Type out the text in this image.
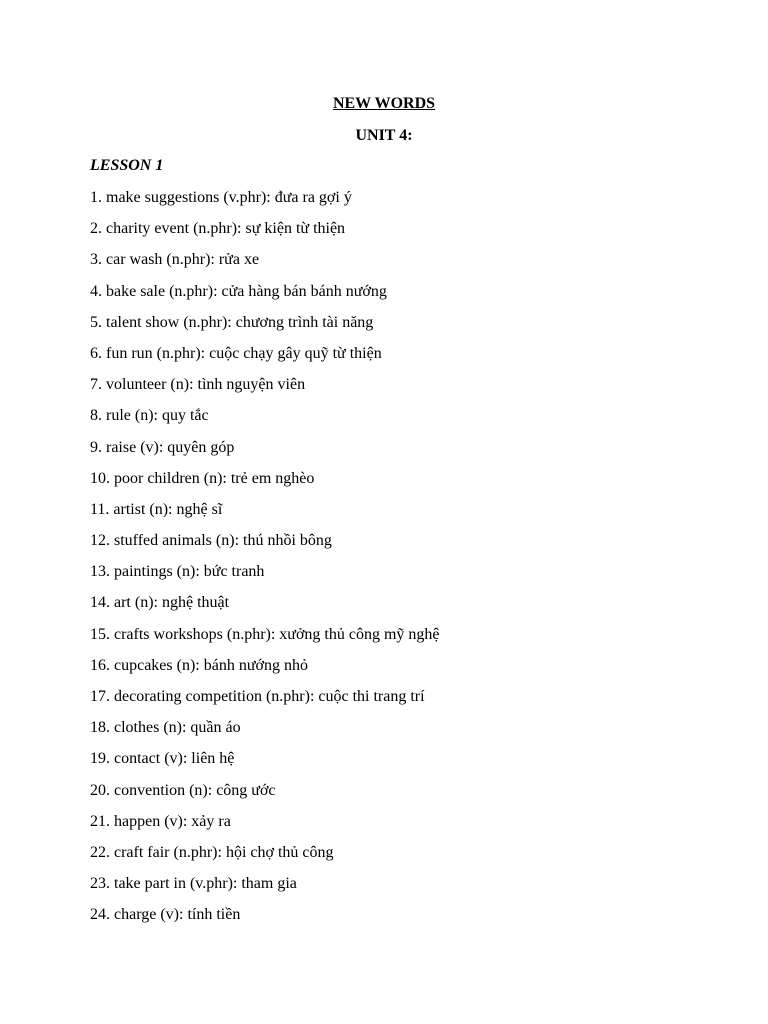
NEW WORDS
UNIT 4:
LESSON 1
1. make suggestions (v.phr): đưa ra gợi ý
2. charity event (n.phr): sự kiện từ thiện
3. car wash (n.phr): rửa xe
4. bake sale (n.phr): cửa hàng bán bánh nướng
5. talent show (n.phr): chương trình tài năng
6. fun run (n.phr): cuộc chạy gây quỹ từ thiện
7. volunteer (n): tình nguyện viên
8. rule (n): quy tắc
9. raise (v): quyên góp
10. poor children (n): trẻ em nghèo
11. artist (n): nghệ sĩ
12. stuffed animals (n): thú nhồi bông
13. paintings (n): bức tranh
14. art (n): nghệ thuật
15. crafts workshops (n.phr): xưởng thủ công mỹ nghệ
16. cupcakes (n): bánh nướng nhỏ
17. decorating competition (n.phr): cuộc thi trang trí
18. clothes (n): quần áo
19. contact (v): liên hệ
20. convention (n): công ước
21. happen (v): xảy ra
22. craft fair (n.phr): hội chợ thủ công
23. take part in (v.phr): tham gia
24. charge (v): tính tiền
